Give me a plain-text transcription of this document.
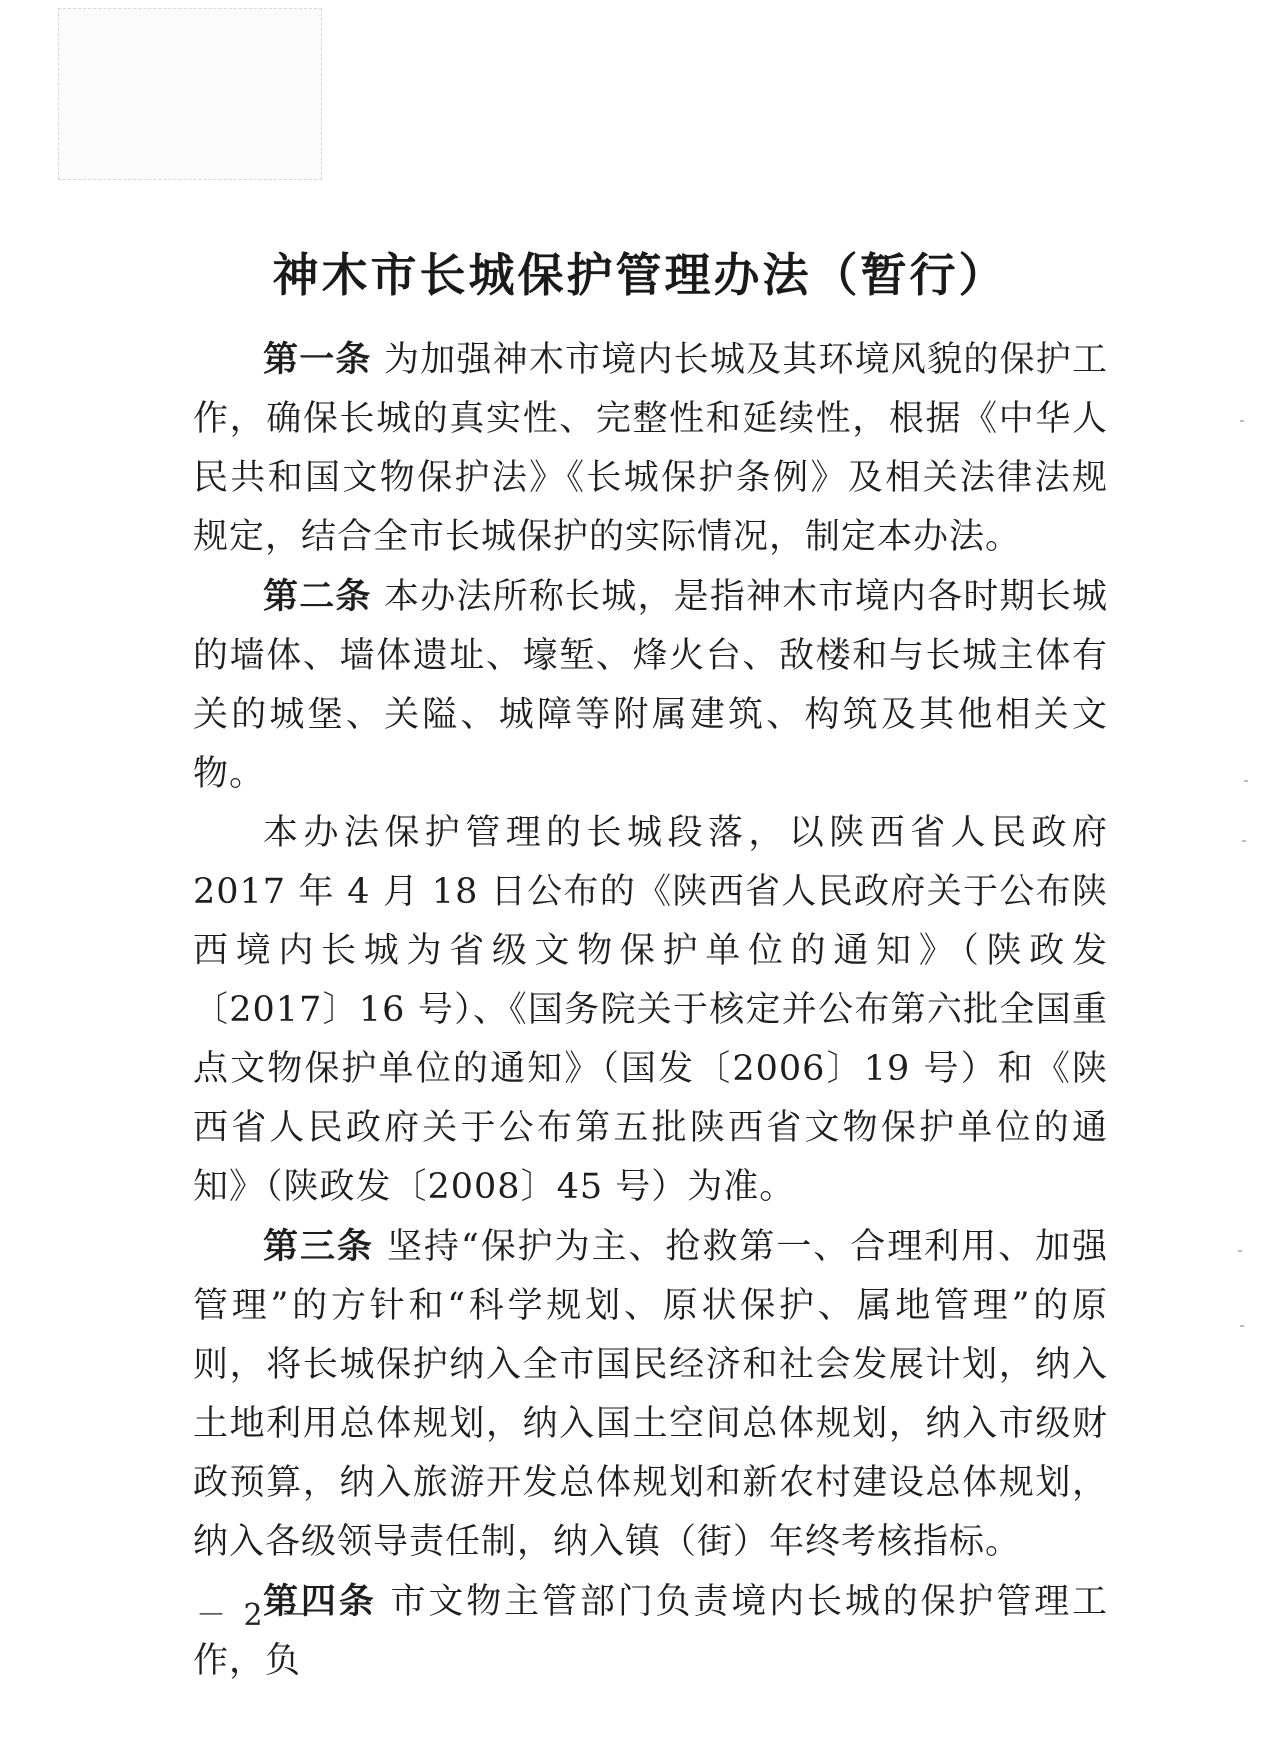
神木市长城保护管理办法（暂行）

第一条 为加强神木市境内长城及其环境风貌的保护工作，确保长城的真实性、完整性和延续性，根据《中华人民共和国文物保护法》《长城保护条例》及相关法律法规规定，结合全市长城保护的实际情况，制定本办法。

第二条 本办法所称长城，是指神木市境内各时期长城的墙体、墙体遗址、壕堑、烽火台、敌楼和与长城主体有关的城堡、关隘、城障等附属建筑、构筑及其他相关文物。

本办法保护管理的长城段落，以陕西省人民政府 2017 年 4 月 18 日公布的《陕西省人民政府关于公布陕西境内长城为省级文物保护单位的通知》（陕政发〔2017〕16 号）、《国务院关于核定并公布第六批全国重点文物保护单位的通知》（国发〔2006〕19 号）和《陕西省人民政府关于公布第五批陕西省文物保护单位的通知》（陕政发〔2008〕45 号）为准。

第三条 坚持“保护为主、抢救第一、合理利用、加强管理”的方针和“科学规划、原状保护、属地管理”的原则，将长城保护纳入全市国民经济和社会发展计划，纳入土地利用总体规划，纳入国土空间总体规划，纳入市级财政预算，纳入旅游开发总体规划和新农村建设总体规划，纳入各级领导责任制，纳入镇（街）年终考核指标。

第四条 市文物主管部门负责境内长城的保护管理工作，负

－ 2 －
